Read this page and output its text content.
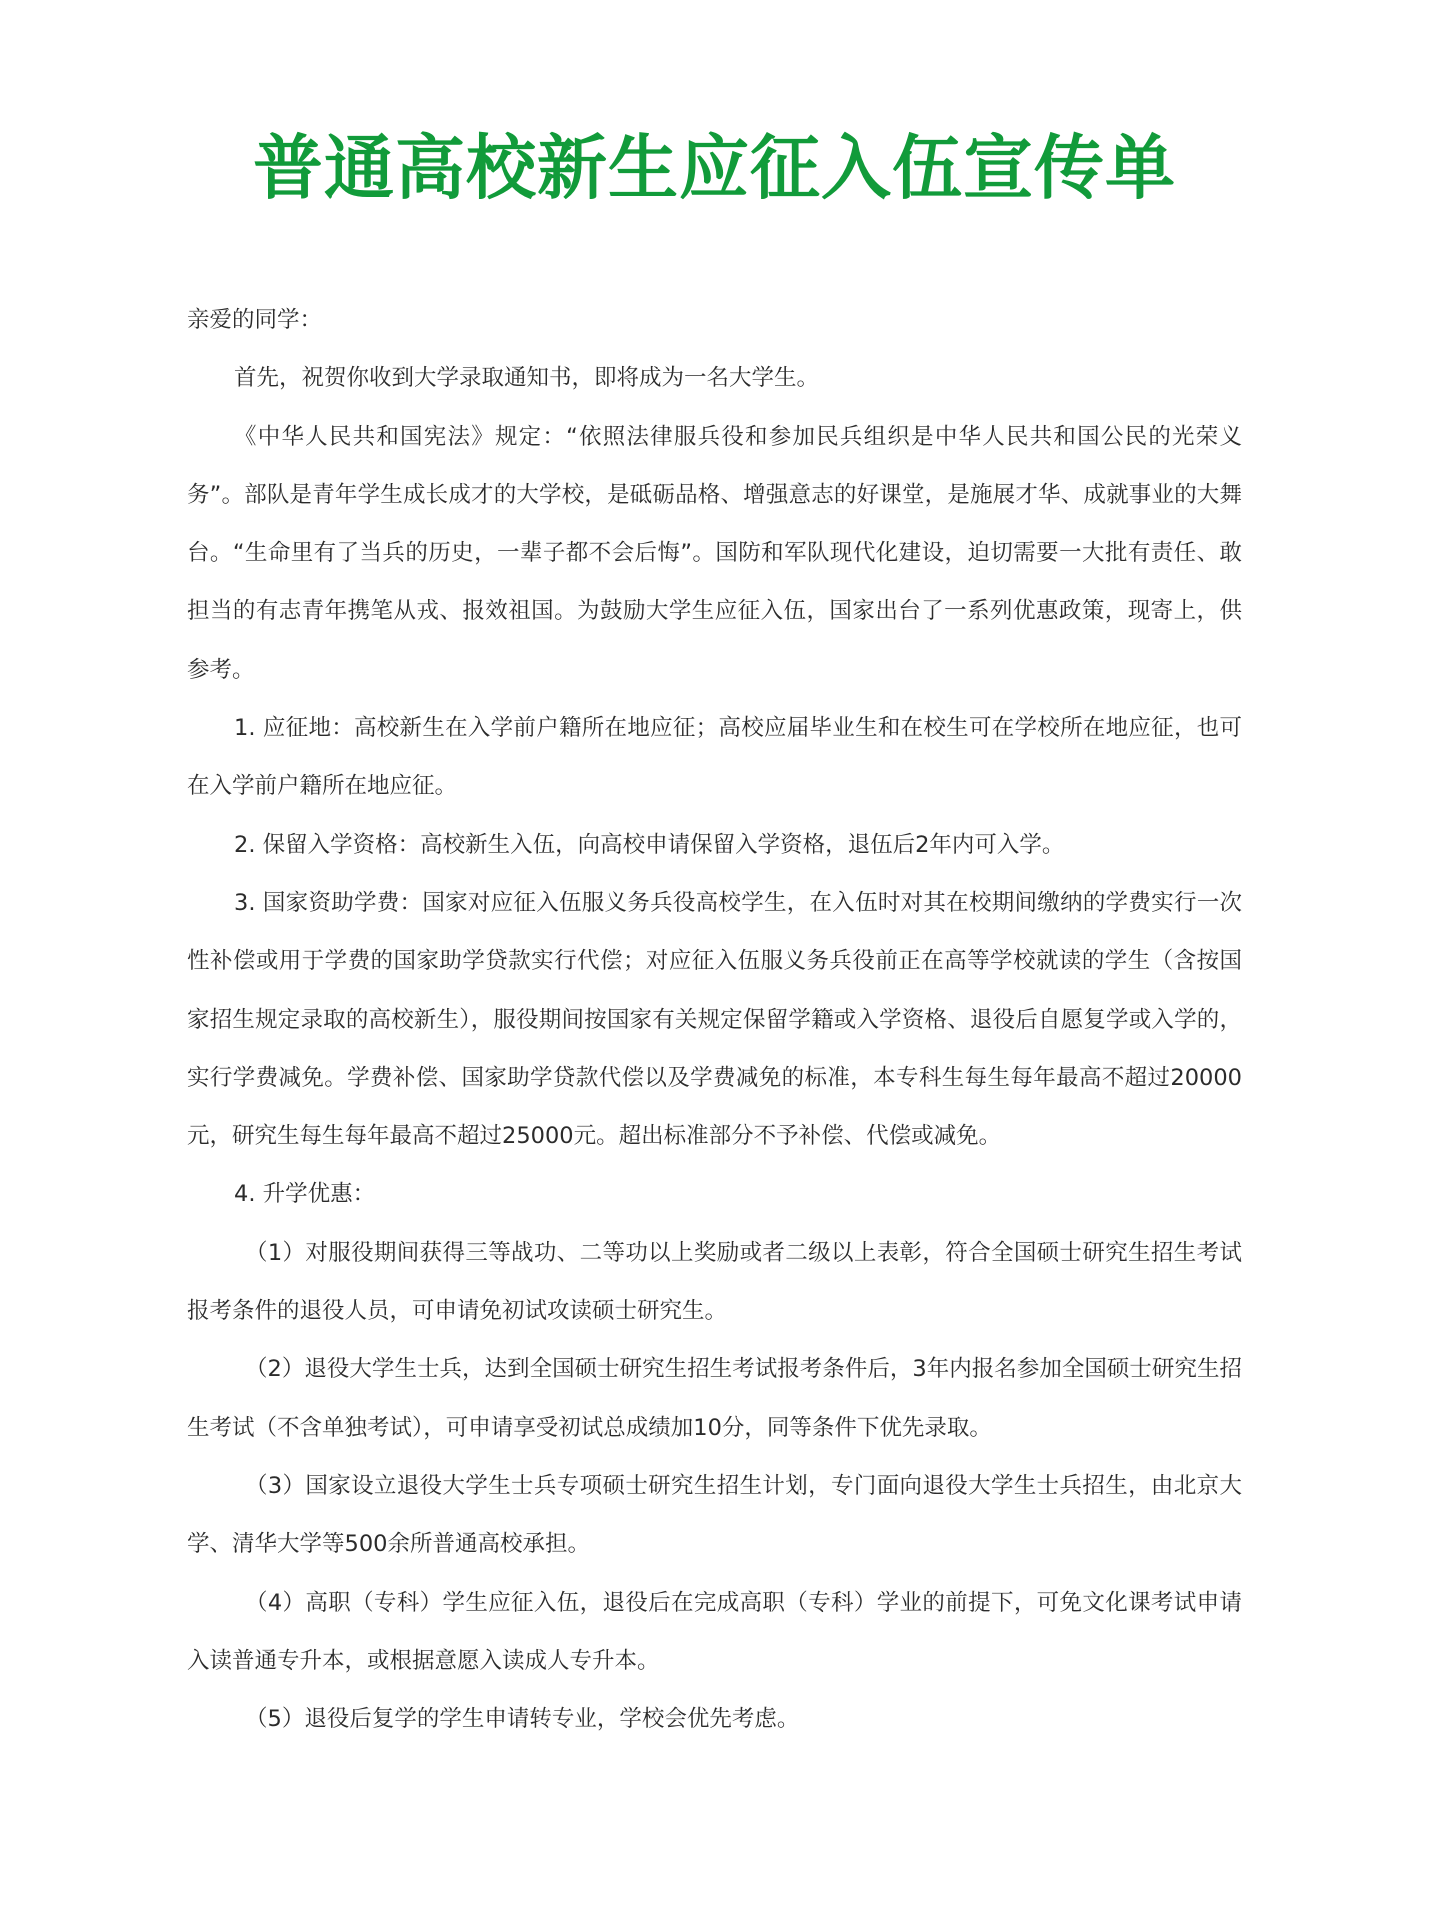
普通高校新生应征入伍宣传单

亲爱的同学：

首先，祝贺你收到大学录取通知书，即将成为一名大学生。

《中华人民共和国宪法》规定：“依照法律服兵役和参加民兵组织是中华人民共和国公民的光荣义务”。部队是青年学生成长成才的大学校，是砥砺品格、增强意志的好课堂，是施展才华、成就事业的大舞台。“生命里有了当兵的历史，一辈子都不会后悔”。国防和军队现代化建设，迫切需要一大批有责任、敢担当的有志青年携笔从戎、报效祖国。为鼓励大学生应征入伍，国家出台了一系列优惠政策，现寄上，供参考。

1. 应征地：高校新生在入学前户籍所在地应征；高校应届毕业生和在校生可在学校所在地应征，也可在入学前户籍所在地应征。

2. 保留入学资格：高校新生入伍，向高校申请保留入学资格，退伍后2年内可入学。

3. 国家资助学费：国家对应征入伍服义务兵役高校学生，在入伍时对其在校期间缴纳的学费实行一次性补偿或用于学费的国家助学贷款实行代偿；对应征入伍服义务兵役前正在高等学校就读的学生（含按国家招生规定录取的高校新生），服役期间按国家有关规定保留学籍或入学资格、退役后自愿复学或入学的，实行学费减免。学费补偿、国家助学贷款代偿以及学费减免的标准，本专科生每生每年最高不超过20000元，研究生每生每年最高不超过25000元。超出标准部分不予补偿、代偿或减免。

4. 升学优惠：

（1）对服役期间获得三等战功、二等功以上奖励或者二级以上表彰，符合全国硕士研究生招生考试报考条件的退役人员，可申请免初试攻读硕士研究生。

（2）退役大学生士兵，达到全国硕士研究生招生考试报考条件后，3年内报名参加全国硕士研究生招生考试（不含单独考试），可申请享受初试总成绩加10分，同等条件下优先录取。

（3）国家设立退役大学生士兵专项硕士研究生招生计划，专门面向退役大学生士兵招生，由北京大学、清华大学等500余所普通高校承担。

（4）高职（专科）学生应征入伍，退役后在完成高职（专科）学业的前提下，可免文化课考试申请入读普通专升本，或根据意愿入读成人专升本。

（5）退役后复学的学生申请转专业，学校会优先考虑。
